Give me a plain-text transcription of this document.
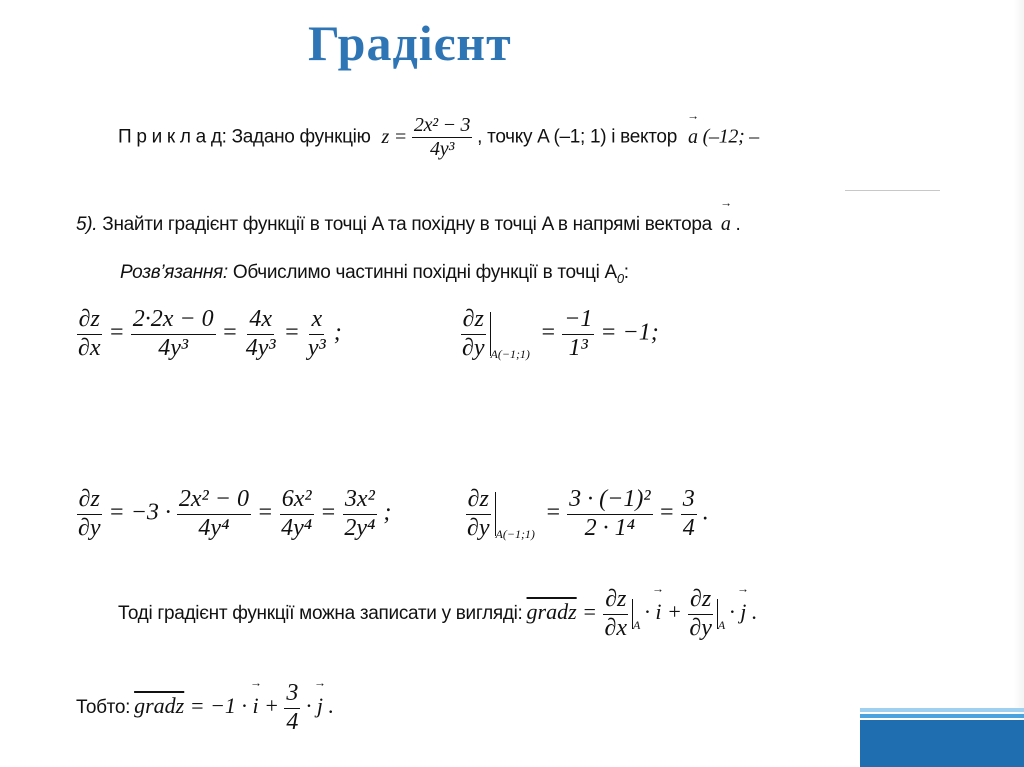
Градієнт
П р и к л а д: Задано функцію $z = \frac{\text{2x² − 3}}{\text{4y³}}$ , точку A (–1; 1) і вектор → a (–12; –
5). Знайти градієнт функції в точці A та похідну в точці A в напрямі вектора → a .
Розв’язання: Обчислимо частинні похідні функції в точці $A_0$:
$\frac{\partial z}{\partial x} = \frac{2\cdot 2x - 0}{\text{4y³}} = \frac{4x}{\text{4y³}} = \frac{x}{\text{y³}}$ ;	$\frac{\partial z}{\partial y} _{A(-1;1)} = \frac{-1}{\text{1³}} = -1$;
$\frac{\partial z}{\partial y} = -3 \cdot \frac{\text{2x² − 0}}{\text{4y⁴}} = \frac{\text{6x²}}{\text{4y⁴}} = \frac{\text{3x²}}{\text{2y⁴}}$ ;	$\frac{\partial z}{\partial y} _{A(-1;1)} = \frac{\text{3 · (−1)²}}{\text{2 · 1⁴}} = \frac{3}{4}$ .
Тоді градієнт функції можна записати у вигляді: gradz = $\frac{\partial z}{\partial x} _A\cdot \to i + \frac{\partial z}{\partial y} _A\cdot \to j$ .
Тобто: gradz = −1 · → $i + \frac{3}{4}$ · → j .
